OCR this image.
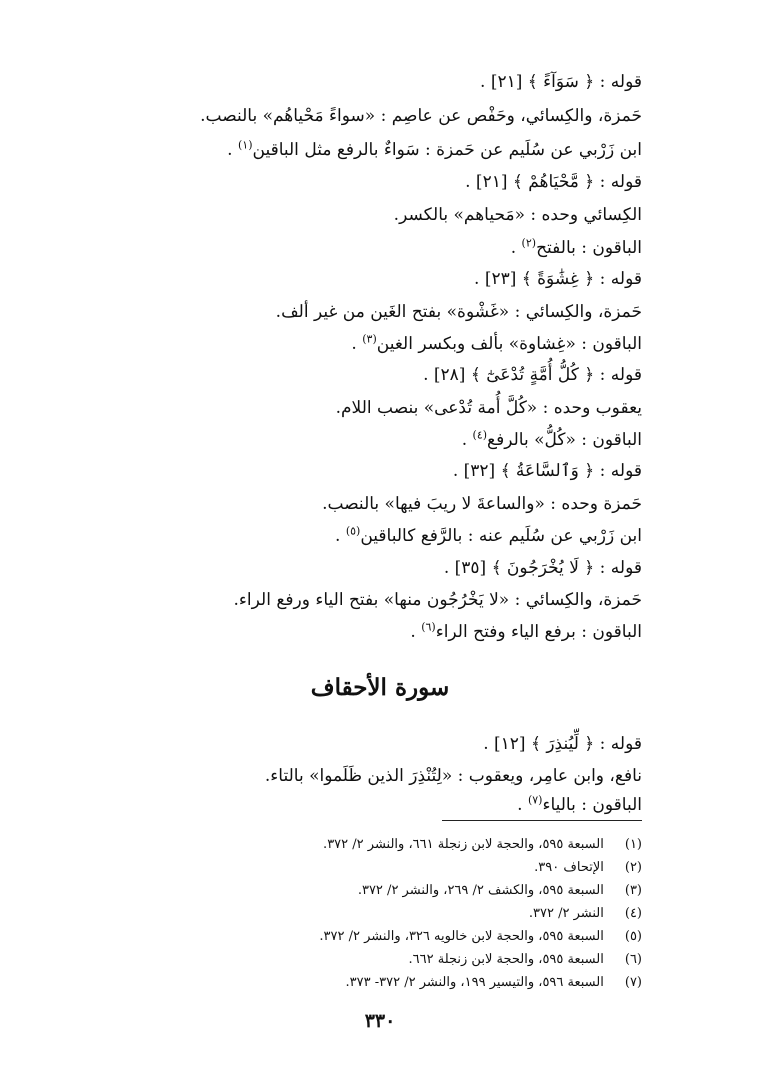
قوله : ﴿ سَوَآءً ﴾ [٢١] .
حَمزة، والكِسائي، وحَفْص عن عاصِم : «سواءً مَحْياهُم» بالنصب.
ابن زَرْبي عن سُلَيم عن حَمزة : سَواءٌ بالرفع مثل الباقين$^{(١)}$ .
قوله : ﴿ مَّحْيَاهُمْ ﴾ [٢١] .
الكِسائي وحده : «مَحياهم» بالكسر.
الباقون : بالفتح$^{(٢)}$ .
قوله : ﴿ غِشَٰوَةً ﴾ [٢٣] .
حَمزة، والكِسائي : «غَشْوة» بفتح الغَين من غير ألف.
الباقون : «غِشاوة» بألف وبكسر الغين$^{(٣)}$ .
قوله : ﴿ كُلُّ أُمَّةٍ تُدْعَىٰٓ ﴾ [٢٨] .
يعقوب وحده : «كُلَّ أُمة تُدْعى» بنصب اللام.
الباقون : «كُلُّ» بالرفع$^{(٤)}$ .
قوله : ﴿ وَٱلسَّاعَةُ ﴾ [٣٢] .
حَمزة وحده : «والساعةَ لا ريبَ فيها» بالنصب.
ابن زَرْبي عن سُلَيم عنه : بالرَّفع كالباقين$^{(٥)}$ .
قوله : ﴿ لَا يُخْرَجُونَ ﴾ [٣٥] .
حَمزة، والكِسائي : «لا يَخْرُجُون منها» بفتح الياء ورفع الراء.
الباقون : برفع الياء وفتح الراء$^{(٦)}$ .
سورة الأحقاف
قوله : ﴿ لِّيُنذِرَ ﴾ [١٢] .
نافع، وابن عامِر، ويعقوب : «لِتُنْذِرَ الذين ظَلَموا» بالتاء.
الباقون : بالياء$^{(٧)}$ .
(١) السبعة ٥٩٥، والحجة لابن زنجلة ٦٦١، والنشر ٢/ ٣٧٢.
(٢) الإتحاف ٣٩٠.
(٣) السبعة ٥٩٥، والكشف ٢/ ٢٦٩، والنشر ٢/ ٣٧٢.
(٤) النشر ٢/ ٣٧٢.
(٥) السبعة ٥٩٥، والحجة لابن خالويه ٣٢٦، والنشر ٢/ ٣٧٢.
(٦) السبعة ٥٩٥، والحجة لابن زنجلة ٦٦٢.
(٧) السبعة ٥٩٦، والتيسير ١٩٩، والنشر ٢/ ٣٧٢- ٣٧٣.
٣٣٠
